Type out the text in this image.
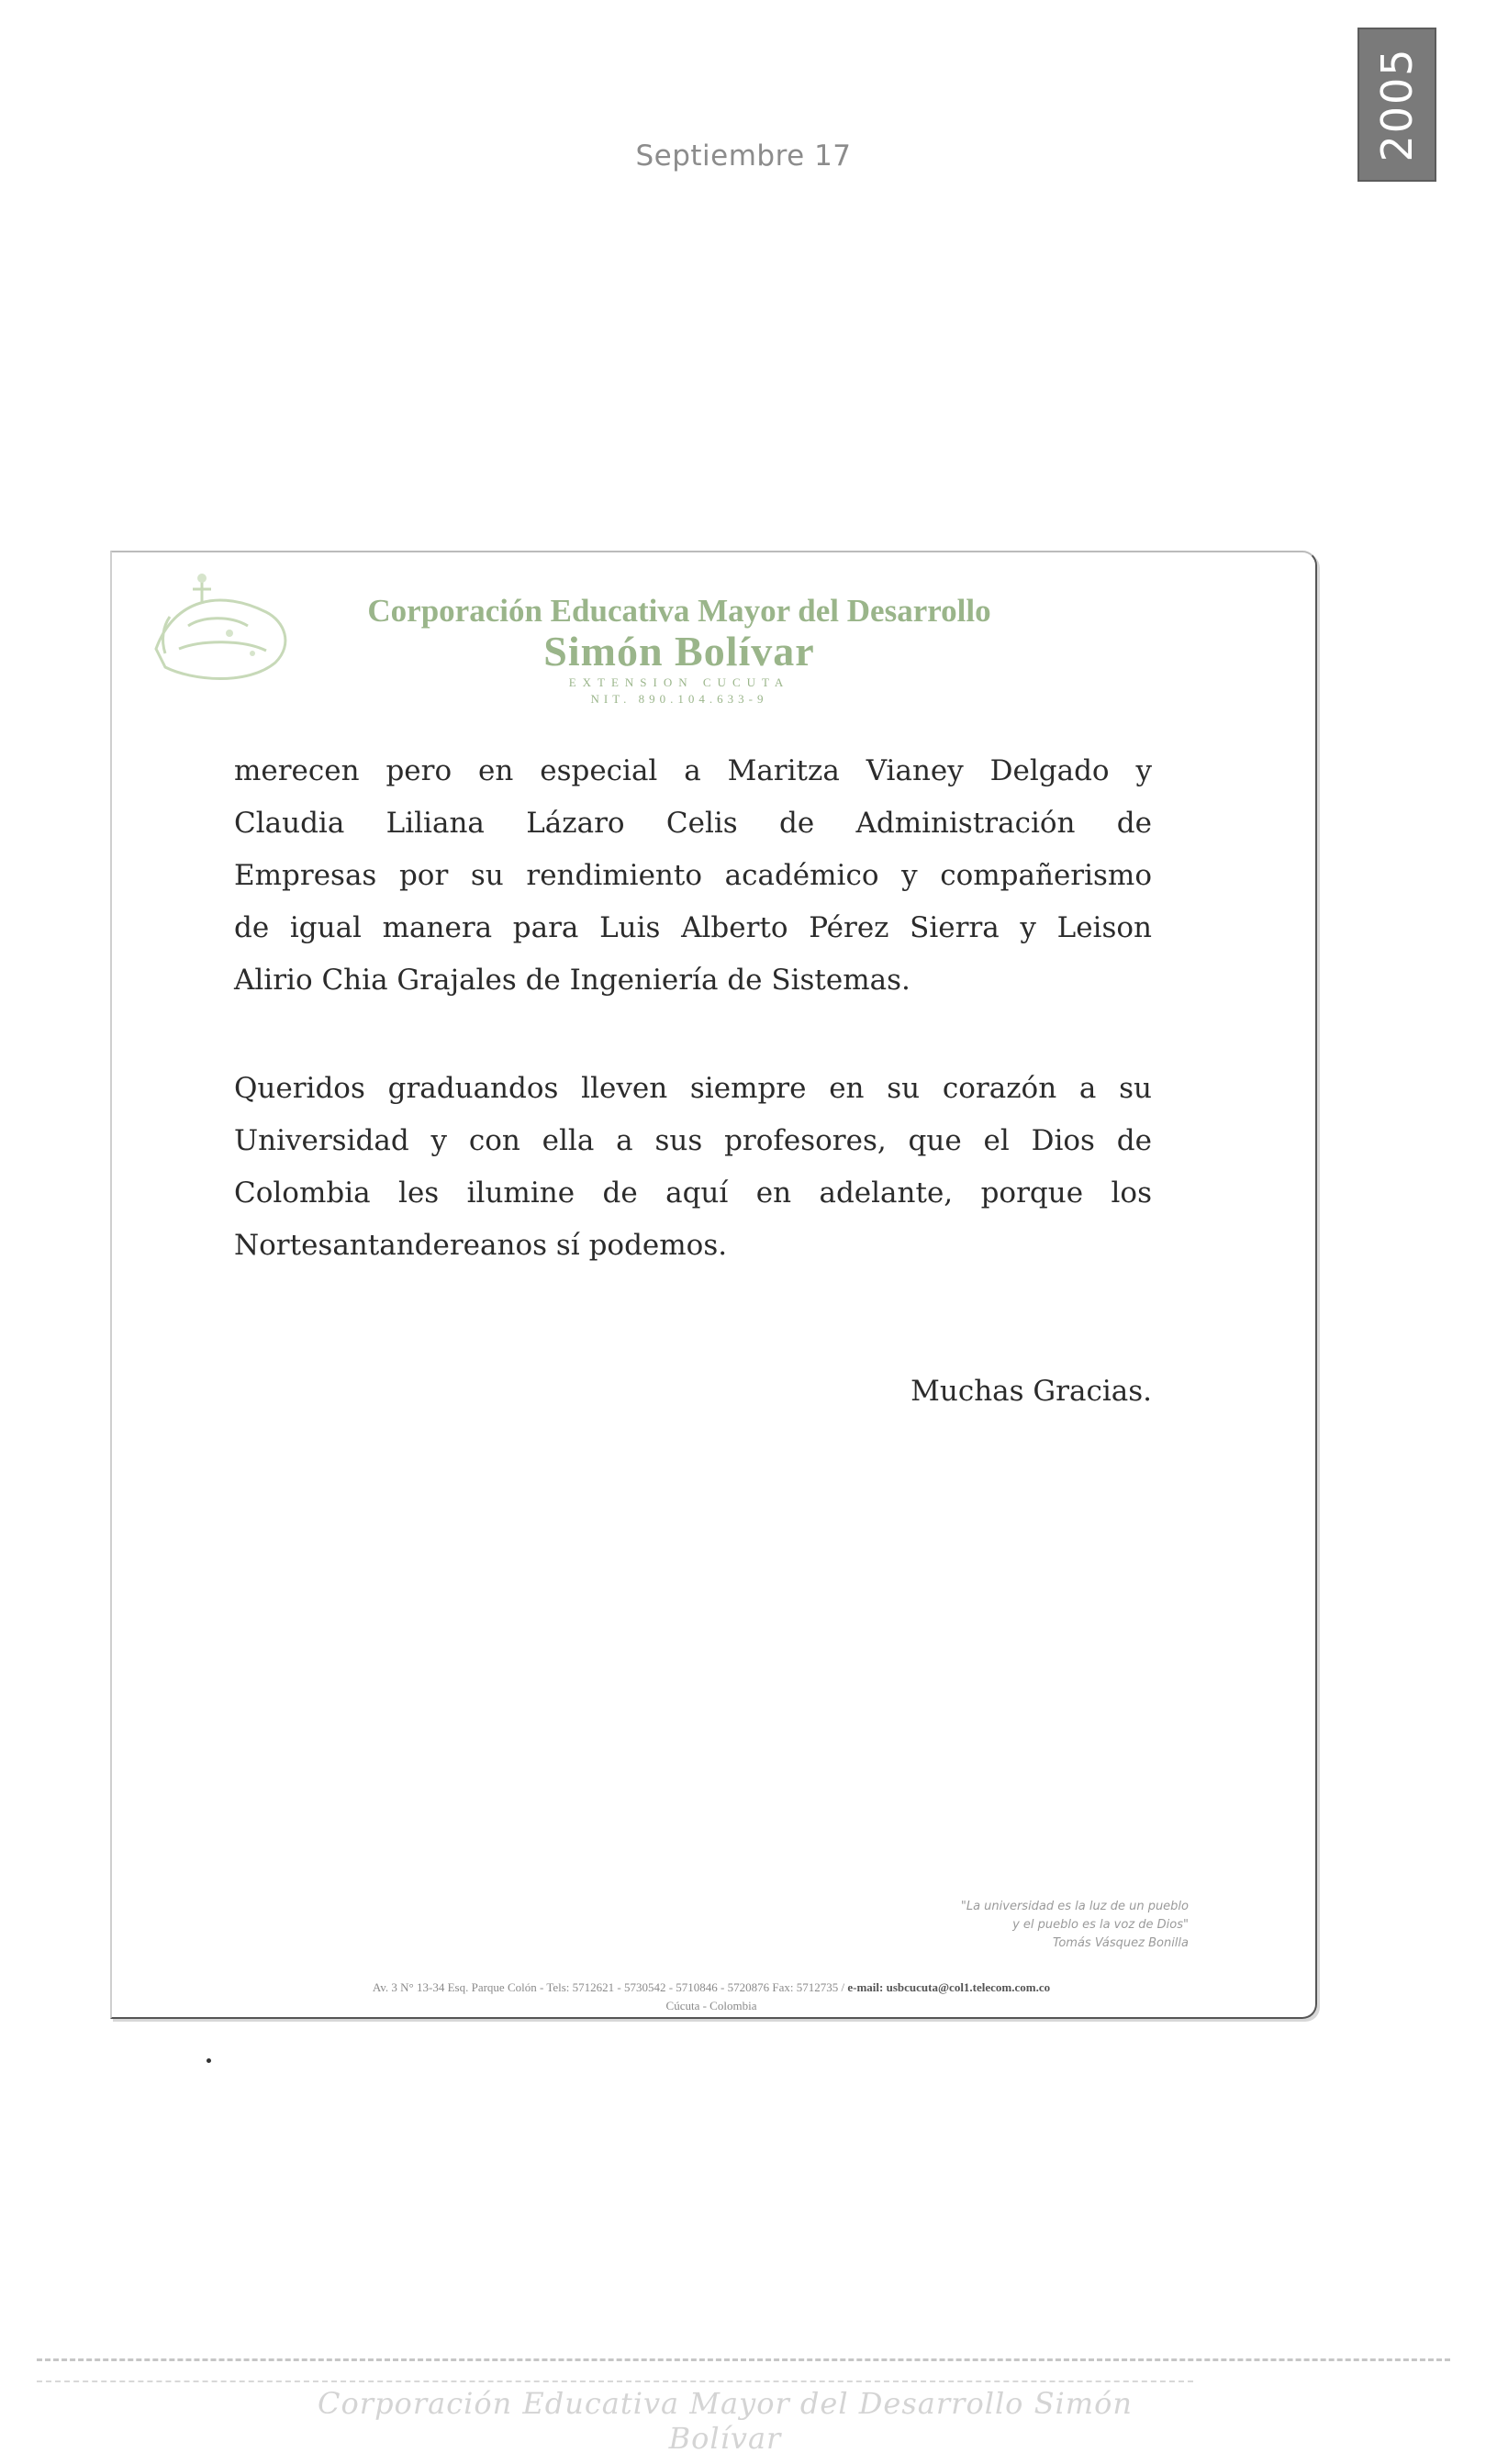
Septiembre 17	2005
Corporación Educativa Mayor del Desarrollo
Simón Bolívar
EXTENSION CUCUTA
NIT. 890.104.633-9

merecen pero en especial a Maritza Vianey Delgado y
Claudia Liliana Lázaro Celis de Administración de
Empresas por su rendimiento académico y compañerismo
de igual manera para Luis Alberto Pérez Sierra y Leison
Alirio Chia Grajales de Ingeniería de Sistemas.

Queridos graduandos lleven siempre en su corazón a su
Universidad y con ella a sus profesores, que el Dios de
Colombia les ilumine de aquí en adelante, porque los
Nortesantandereanos sí podemos.

Muchas Gracias.
"La universidad es la luz de un pueblo
y el pueblo es la voz de Dios"
Tomás Vásquez Bonilla
Av. 3 N° 13-34 Esq. Parque Colón - Tels: 5712621 - 5730542 - 5710846 - 5720876 Fax: 5712735 / e-mail: usbcucuta@col1.telecom.com.co
Cúcuta - Colombia
Corporación Educativa Mayor del Desarrollo Simón Bolívar
